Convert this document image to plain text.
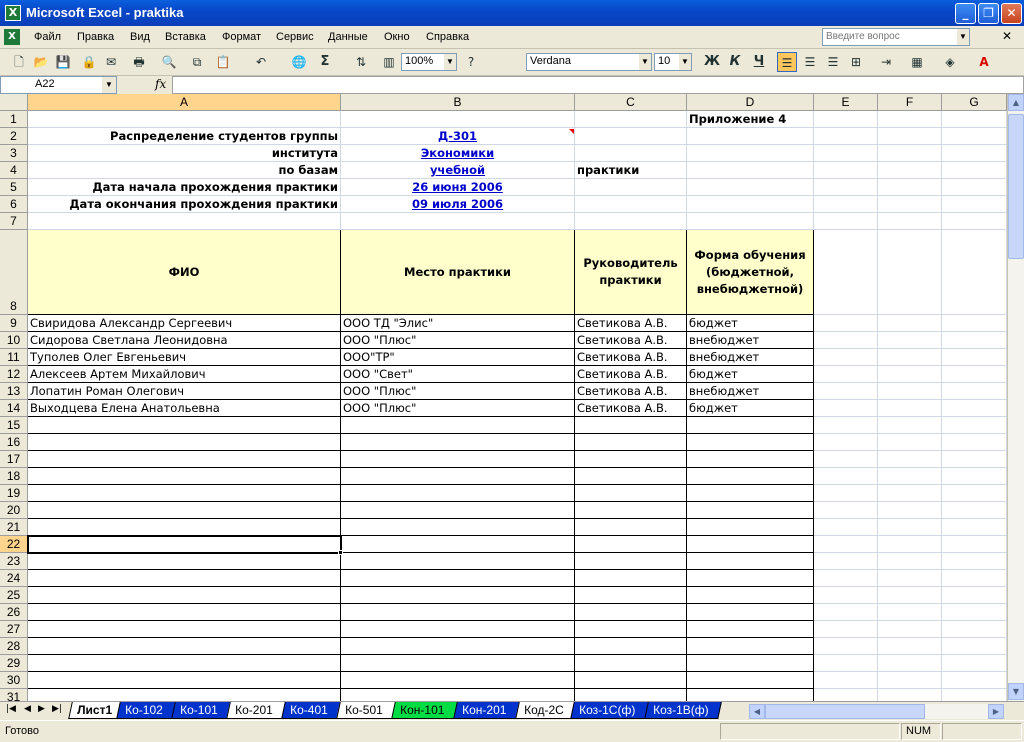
X Microsoft Excel - praktika	_	❐	✕
X	Файл Правка Вид Вставка Формат Сервис Данные Окно Справка	Введите вопрос	▼	✕
🗋 📂 💾 🔒 ✉	🖶 🔍	⧉	📋	↶	🌐	Σ	⇅	▥ 100% ▼	?	Verdana	▼ 10 ▼ Ж К Ч	☰	☰	☰	⊞	⇥	▦	◈	A
A22	▼	fx
A	B	C	D	E	F	G
1
2
3
4
5
6
7
8
9
10
11
12
13
14
15
16
17
18
19
20
21
22
23
24
25
26
27
28
29
30
31
Приложение 4
Распределение студентов группы	Д-301
института	Экономики
по базам	учебной	практики
Дата начала прохождения практики	26 июня 2006
Дата окончания прохождения практики	09 июля 2006
ФИО	Место практики
Руководитель практики
Форма обучения (бюджетной, внебюджетной)
Свиридова Александр Сергеевич	ООО ТД "Элис"	Светикова А.В.	бюджет
Сидорова Светлана Леонидовна	ООО "Плюс"	Светикова А.В.	внебюджет
Туполев Олег Евгеньевич	ООО"ТР"	Светикова А.В.	внебюджет
Алексеев Артем Михайлович	ООО "Свет"	Светикова А.В.	бюджет
Лопатин Роман Олегович	ООО "Плюс"	Светикова А.В.	внебюджет
Выходцева Елена Анатольевна	ООО "Плюс"	Светикова А.В.	бюджет
▲
▼
|◀ ◀ ▶ ▶|	◀	▶
Лист1	Ко-102	Ко-101	Ко-201	Ко-401	Ко-501	Кон-101	Кон-201	Код-2С	Коз-1С(ф)	Коз-1В(ф)
Готово	NUM
